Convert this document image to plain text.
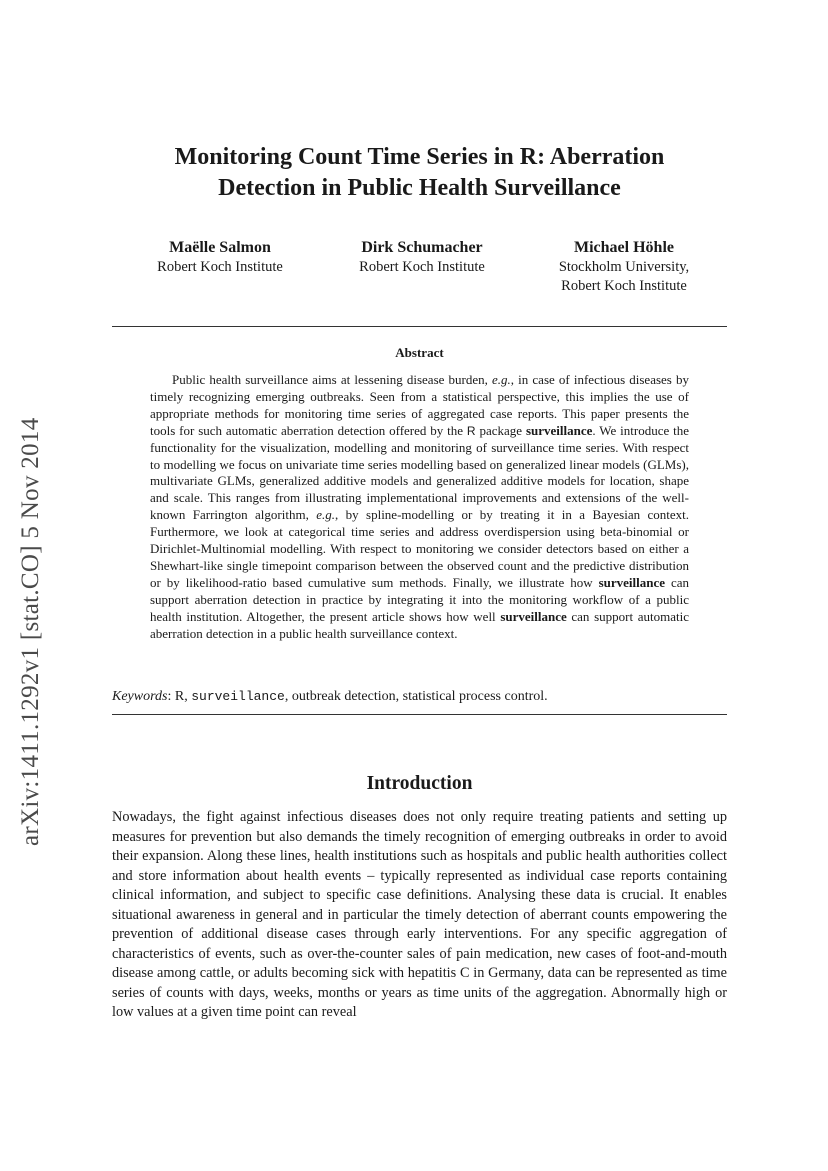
arXiv:1411.1292v1 [stat.CO] 5 Nov 2014
Monitoring Count Time Series in R: Aberration
Detection in Public Health Surveillance
Maëlle Salmon
Robert Koch Institute
Dirk Schumacher
Robert Koch Institute
Michael Höhle
Stockholm University,
Robert Koch Institute
Abstract
Public health surveillance aims at lessening disease burden, e.g., in case of infectious diseases by timely recognizing emerging outbreaks. Seen from a statistical perspective, this implies the use of appropriate methods for monitoring time series of aggregated case reports. This paper presents the tools for such automatic aberration detection offered by the R package surveillance. We introduce the functionality for the visualization, modelling and monitoring of surveillance time series. With respect to modelling we focus on univariate time series modelling based on generalized linear models (GLMs), multivariate GLMs, generalized additive models and generalized additive models for location, shape and scale. This ranges from illustrating implementational improvements and extensions of the well-known Farrington algorithm, e.g., by spline-modelling or by treating it in a Bayesian context. Furthermore, we look at categorical time series and address overdispersion using beta-binomial or Dirichlet-Multinomial modelling. With respect to monitoring we consider detectors based on either a Shewhart-like single timepoint comparison between the observed count and the predictive distribution or by likelihood-ratio based cumulative sum methods. Finally, we illustrate how surveillance can support aberration detection in practice by integrating it into the monitoring workflow of a public health institution. Altogether, the present article shows how well surveillance can support automatic aberration detection in a public health surveillance context.
Keywords: R, surveillance, outbreak detection, statistical process control.
Introduction
Nowadays, the fight against infectious diseases does not only require treating patients and setting up measures for prevention but also demands the timely recognition of emerging outbreaks in order to avoid their expansion. Along these lines, health institutions such as hospitals and public health authorities collect and store information about health events – typically represented as individual case reports containing clinical information, and subject to specific case definitions. Analysing these data is crucial. It enables situational awareness in general and in particular the timely detection of aberrant counts empowering the prevention of additional disease cases through early interventions. For any specific aggregation of characteristics of events, such as over-the-counter sales of pain medication, new cases of foot-and-mouth disease among cattle, or adults becoming sick with hepatitis C in Germany, data can be represented as time series of counts with days, weeks, months or years as time units of the aggregation. Abnormally high or low values at a given time point can reveal
